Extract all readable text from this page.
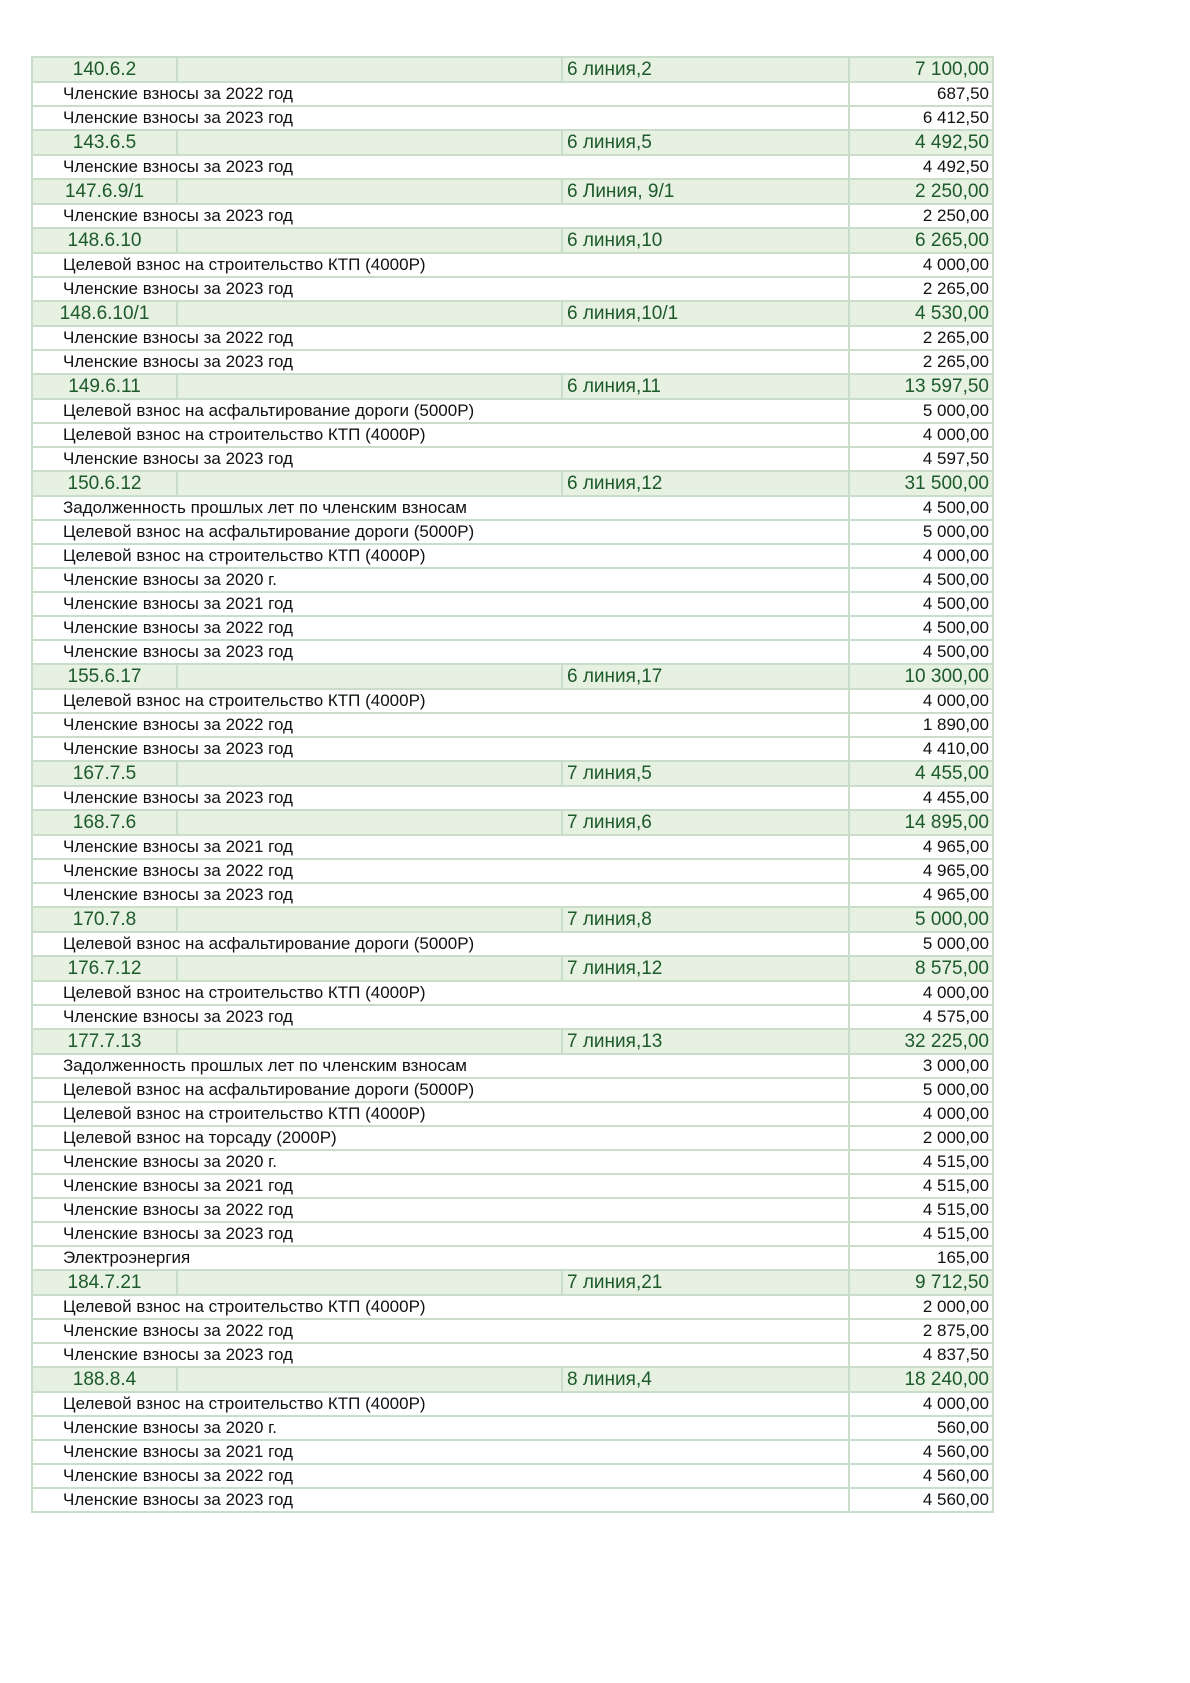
140.6.2		6 линия,2	7 100,00
Членские взносы за 2022 год			687,50
Членские взносы за 2023 год			6 412,50
143.6.5		6 линия,5	4 492,50
Членские взносы за 2023 год			4 492,50
147.6.9/1		6 Линия, 9/1	2 250,00
Членские взносы за 2023 год			2 250,00
148.6.10		6 линия,10	6 265,00
Целевой взнос на строительство КТП (4000Р)			4 000,00
Членские взносы за 2023 год			2 265,00
148.6.10/1		6 линия,10/1	4 530,00
Членские взносы за 2022 год			2 265,00
Членские взносы за 2023 год			2 265,00
149.6.11		6 линия,11	13 597,50
Целевой взнос на асфальтирование дороги (5000Р)			5 000,00
Целевой взнос на строительство КТП (4000Р)			4 000,00
Членские взносы за 2023 год			4 597,50
150.6.12		6 линия,12	31 500,00
Задолженность прошлых лет по членским взносам			4 500,00
Целевой взнос на асфальтирование дороги (5000Р)			5 000,00
Целевой взнос на строительство КТП (4000Р)			4 000,00
Членские взносы за 2020 г.			4 500,00
Членские взносы за 2021 год			4 500,00
Членские взносы за 2022 год			4 500,00
Членские взносы за 2023 год			4 500,00
155.6.17		6 линия,17	10 300,00
Целевой взнос на строительство КТП (4000Р)			4 000,00
Членские взносы за 2022 год			1 890,00
Членские взносы за 2023 год			4 410,00
167.7.5		7 линия,5	4 455,00
Членские взносы за 2023 год			4 455,00
168.7.6		7 линия,6	14 895,00
Членские взносы за 2021 год			4 965,00
Членские взносы за 2022 год			4 965,00
Членские взносы за 2023 год			4 965,00
170.7.8		7 линия,8	5 000,00
Целевой взнос на асфальтирование дороги (5000Р)			5 000,00
176.7.12		7 линия,12	8 575,00
Целевой взнос на строительство КТП (4000Р)			4 000,00
Членские взносы за 2023 год			4 575,00
177.7.13		7 линия,13	32 225,00
Задолженность прошлых лет по членским взносам			3 000,00
Целевой взнос на асфальтирование дороги (5000Р)			5 000,00
Целевой взнос на строительство КТП (4000Р)			4 000,00
Целевой взнос на торсаду (2000Р)			2 000,00
Членские взносы за 2020 г.			4 515,00
Членские взносы за 2021 год			4 515,00
Членские взносы за 2022 год			4 515,00
Членские взносы за 2023 год			4 515,00
Электроэнергия			165,00
184.7.21		7 линия,21	9 712,50
Целевой взнос на строительство КТП (4000Р)			2 000,00
Членские взносы за 2022 год			2 875,00
Членские взносы за 2023 год			4 837,50
188.8.4		8 линия,4	18 240,00
Целевой взнос на строительство КТП (4000Р)			4 000,00
Членские взносы за 2020 г.			560,00
Членские взносы за 2021 год			4 560,00
Членские взносы за 2022 год			4 560,00
Членские взносы за 2023 год			4 560,00
